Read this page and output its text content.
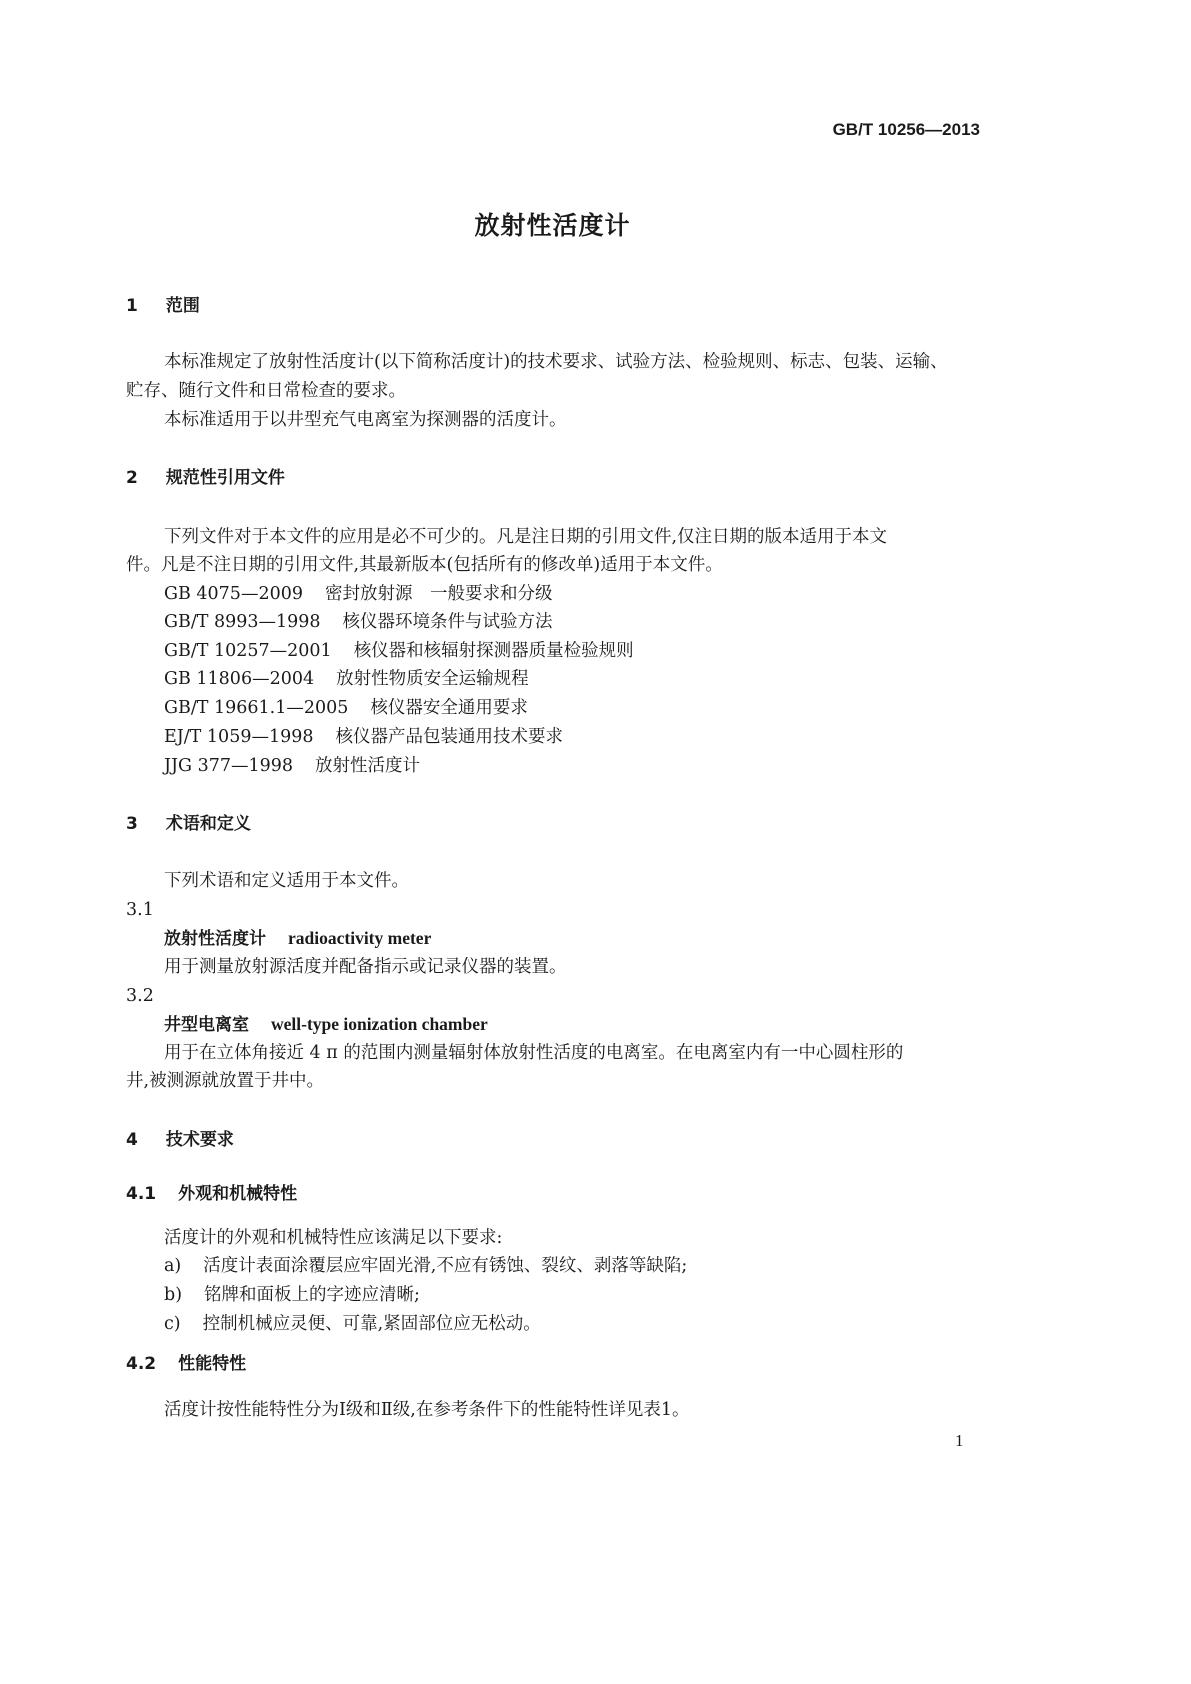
GB/T 10256—2013
放射性活度计
1 范围
本标准规定了放射性活度计(以下简称活度计)的技术要求、试验方法、检验规则、标志、包装、运输、
贮存、随行文件和日常检查的要求。
本标准适用于以井型充气电离室为探测器的活度计。
2 规范性引用文件
下列文件对于本文件的应用是必不可少的。凡是注日期的引用文件,仅注日期的版本适用于本文
件。凡是不注日期的引用文件,其最新版本(包括所有的修改单)适用于本文件。
GB 4075—2009 密封放射源　一般要求和分级
GB/T 8993—1998 核仪器环境条件与试验方法
GB/T 10257—2001 核仪器和核辐射探测器质量检验规则
GB 11806—2004 放射性物质安全运输规程
GB/T 19661.1—2005 核仪器安全通用要求
EJ/T 1059—1998 核仪器产品包装通用技术要求
JJG 377—1998 放射性活度计
3 术语和定义
下列术语和定义适用于本文件。
3.1
放射性活度计 radioactivity meter
用于测量放射源活度并配备指示或记录仪器的装置。
3.2
井型电离室 well-type ionization chamber
用于在立体角接近 4 π 的范围内测量辐射体放射性活度的电离室。在电离室内有一中心圆柱形的
井,被测源就放置于井中。
4 技术要求
4.1 外观和机械特性
活度计的外观和机械特性应该满足以下要求:
a) 活度计表面涂覆层应牢固光滑,不应有锈蚀、裂纹、剥落等缺陷;
b) 铭牌和面板上的字迹应清晰;
c) 控制机械应灵便、可靠,紧固部位应无松动。
4.2 性能特性
活度计按性能特性分为Ⅰ级和Ⅱ级,在参考条件下的性能特性详见表1。
1
